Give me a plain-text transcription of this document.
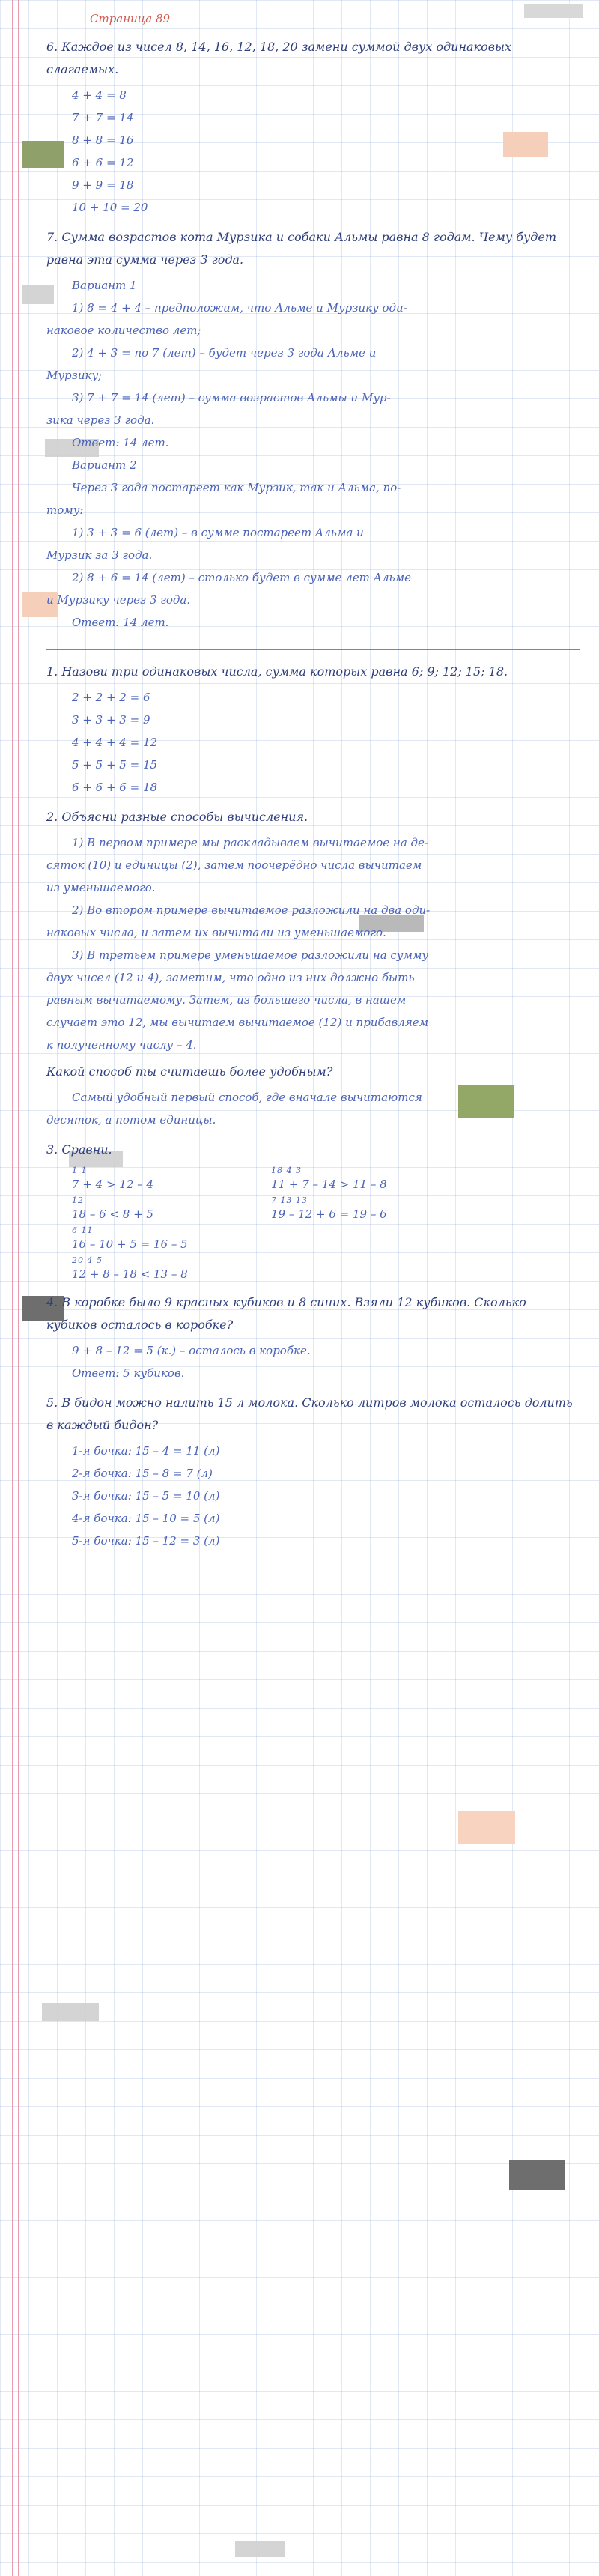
Страница 89
6. Каждое из чисел 8, 14, 16, 12, 18, 20 замени суммой двух одинаковых слагаемых.
4 + 4 = 8
7 + 7 = 14
8 + 8 = 16
6 + 6 = 12
9 + 9 = 18
10 + 10 = 20
7. Сумма возрастов кота Мурзика и собаки Альмы равна 8 годам. Чему будет равна эта сумма через 3 года.
Вариант 1
1) 8 = 4 + 4 – предположим, что Альме и Мурзику оди-
наковое количество лет;
2) 4 + 3 = по 7 (лет) – будет через 3 года Альме и
Мурзику;
3) 7 + 7 = 14 (лет) – сумма возрастов Альмы и Мур-
зика через 3 года.
Ответ: 14 лет.
Вариант 2
Через 3 года постареет как Мурзик, так и Альма, по-
тому:
1) 3 + 3 = 6 (лет) – в сумме постареет Альма и
Мурзик за 3 года.
2) 8 + 6 = 14 (лет) – столько будет в сумме лет Альме
и Мурзику через 3 года.
Ответ: 14 лет.
1. Назови три одинаковых числа, сумма которых равна 6; 9; 12; 15; 18.
2 + 2 + 2 = 6
3 + 3 + 3 = 9
4 + 4 + 4 = 12
5 + 5 + 5 = 15
6 + 6 + 6 = 18
2. Объясни разные способы вычисления.
1) В первом примере мы раскладываем вычитаемое на де-
сяток (10) и единицы (2), затем поочерёдно числа вычитаем
из уменьшаемого.
2) Во втором примере вычитаемое разложили на два оди-
наковых числа, и затем их вычитали из уменьшаемого.
3) В третьем примере уменьшаемое разложили на сумму
двух чисел (12 и 4), заметим, что одно из них должно быть
равным вычитаемому. Затем, из большего числа, в нашем
случает это 12, мы вычитаем вычитаемое (12) и прибавляем
к полученному числу – 4.
Какой способ ты считаешь более удобным?
Самый удобный первый способ, где вначале вычитаются
десяток, а потом единицы.
3. Сравни.
1 1
7 + 4 > 12 – 4
18 4 3
11 + 7 – 14 > 11 – 8
12
18 – 6 < 8 + 5
7 13 13
19 – 12 + 6 = 19 – 6
6 11
16 – 10 + 5 = 16 – 5
20 4 5
12 + 8 – 18 < 13 – 8
4. В коробке было 9 красных кубиков и 8 синих. Взяли 12 кубиков. Сколько кубиков осталось в коробке?
9 + 8 – 12 = 5 (к.) – осталось в коробке.
Ответ: 5 кубиков.
5. В бидон можно налить 15 л молока. Сколько литров молока осталось долить в каждый бидон?
1-я бочка: 15 – 4 = 11 (л)
2-я бочка: 15 – 8 = 7 (л)
3-я бочка: 15 – 5 = 10 (л)
4-я бочка: 15 – 10 = 5 (л)
5-я бочка: 15 – 12 = 3 (л)
